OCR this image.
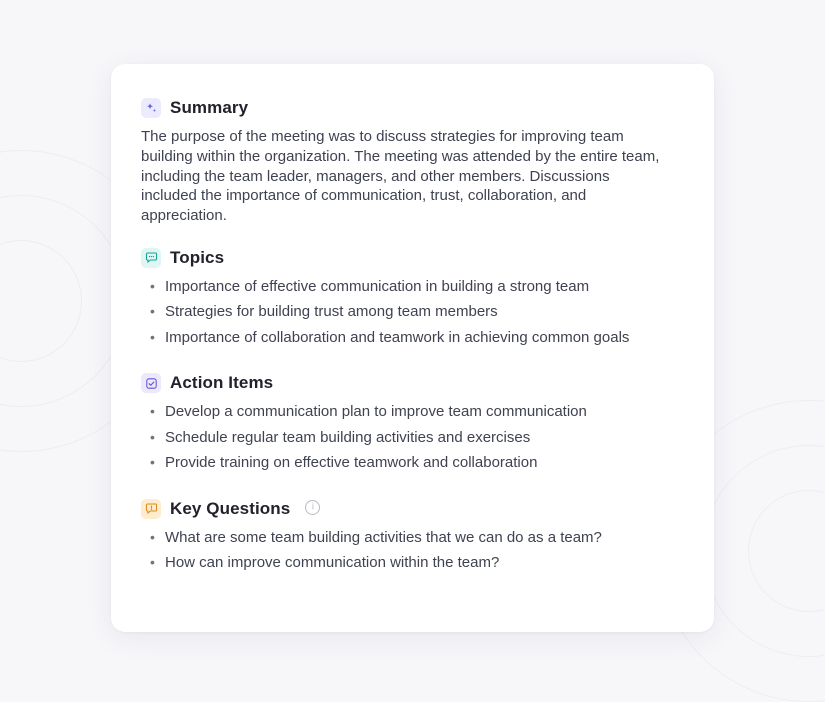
Summary

The purpose of the meeting was to discuss strategies for improving team building within the organization. The meeting was attended by the entire team, including the team leader, managers, and other members. Discussions included the importance of communication, trust, collaboration, and appreciation.

Topics
• Importance of effective communication in building a strong team
• Strategies for building trust among team members
• Importance of collaboration and teamwork in achieving common goals
Action Items
• Develop a communication plan to improve team communication
• Schedule regular team building activities and exercises
• Provide training on effective teamwork and collaboration
Key Questions	i
• What are some team building activities that we can do as a team?
• How can improve communication within the team?
